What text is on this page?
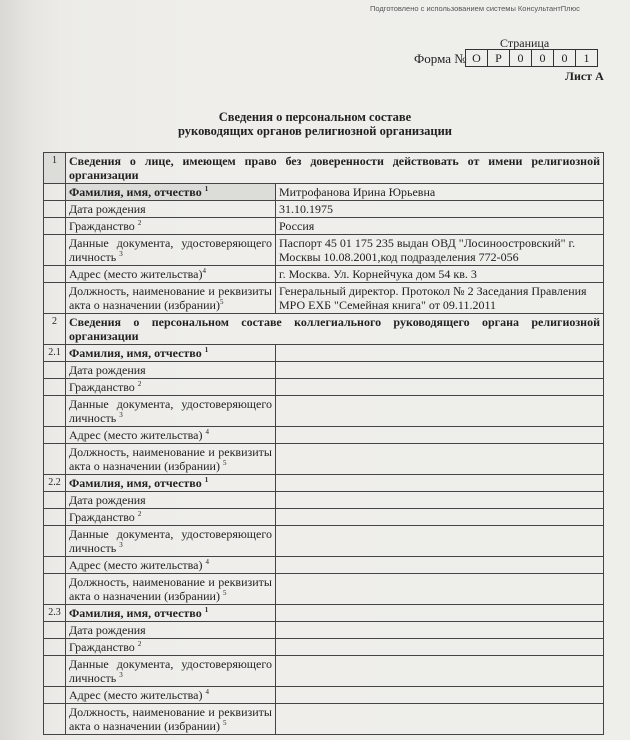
Подготовлено с использованием системы КонсультантПлюс
Страница
Форма № О	Р	0	0	0	1
Лист А
Сведения о персональном составе
руководящих органов религиозной организации
1	Сведения о лице, имеющем право без доверенности действовать от имени религиозной организации	
	Фамилия, имя, отчество $^1$	Митрофанова Ирина Юрьевна
	Дата рождения	31.10.1975
	Гражданство $^2$	Россия
	Данные документа, удостоверяющего личность $^3$	Паспорт 45 01 175 235 выдан ОВД "Лосиноостровский" г. Москвы 10.08.2001,код подразделения 772-056
	Адрес (место жительства)$^4$	г. Москва. Ул. Корнейчука дом 54 кв. 3
	Должность, наименование и реквизиты акта о назначении (избрании)$^5$	Генеральный директор. Протокол № 2 Заседания Правления МРО ЕХБ "Семейная книга" от 09.11.2011
2	Сведения о персональном составе коллегиального руководящего органа религиозной организации	
2.1	Фамилия, имя, отчество $^1$	
	Дата рождения	
	Гражданство $^2$	
	Данные документа, удостоверяющего личность $^3$	
	Адрес (место жительства) $^4$	
	Должность, наименование и реквизиты акта о назначении (избрании) $^5$	
2.2	Фамилия, имя, отчество $^1$	
	Дата рождения	
	Гражданство $^2$	
	Данные документа, удостоверяющего личность $^3$	
	Адрес (место жительства) $^4$	
	Должность, наименование и реквизиты акта о назначении (избрании) $^5$	
2.3	Фамилия, имя, отчество $^1$	
	Дата рождения	
	Гражданство $^2$	
	Данные документа, удостоверяющего личность $^3$	
	Адрес (место жительства) $^4$	
	Должность, наименование и реквизиты акта о назначении (избрании) $^5$	
